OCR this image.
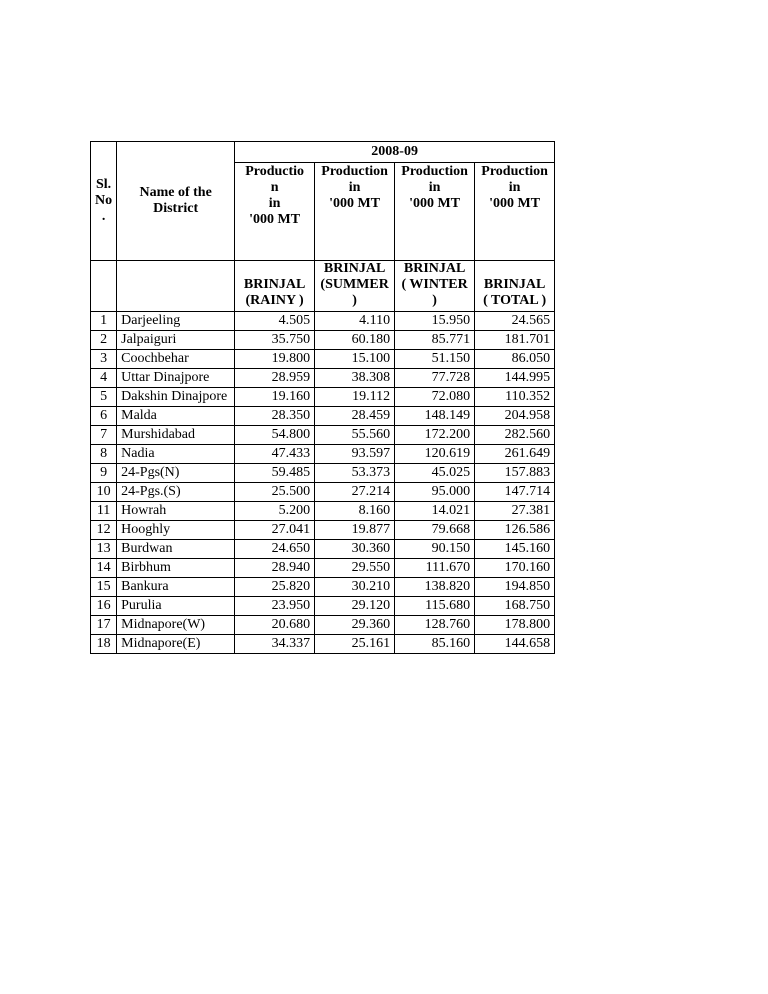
Sl.
No
.	Name of the
District	2008-09			
		Productio
n
in
'000 MT	Production
in
'000 MT	Production
in
'000 MT	Production
in
'000 MT
		BRINJAL
(RAINY )	BRINJAL
(SUMMER )	BRINJAL
( WINTER )	BRINJAL
( TOTAL )
1	Darjeeling	4.505	4.110	15.950	24.565
2	Jalpaiguri	35.750	60.180	85.771	181.701
3	Coochbehar	19.800	15.100	51.150	86.050
4	Uttar Dinajpore	28.959	38.308	77.728	144.995
5	Dakshin Dinajpore	19.160	19.112	72.080	110.352
6	Malda	28.350	28.459	148.149	204.958
7	Murshidabad	54.800	55.560	172.200	282.560
8	Nadia	47.433	93.597	120.619	261.649
9	24-Pgs(N)	59.485	53.373	45.025	157.883
10	24-Pgs.(S)	25.500	27.214	95.000	147.714
11	Howrah	5.200	8.160	14.021	27.381
12	Hooghly	27.041	19.877	79.668	126.586
13	Burdwan	24.650	30.360	90.150	145.160
14	Birbhum	28.940	29.550	111.670	170.160
15	Bankura	25.820	30.210	138.820	194.850
16	Purulia	23.950	29.120	115.680	168.750
17	Midnapore(W)	20.680	29.360	128.760	178.800
18	Midnapore(E)	34.337	25.161	85.160	144.658
